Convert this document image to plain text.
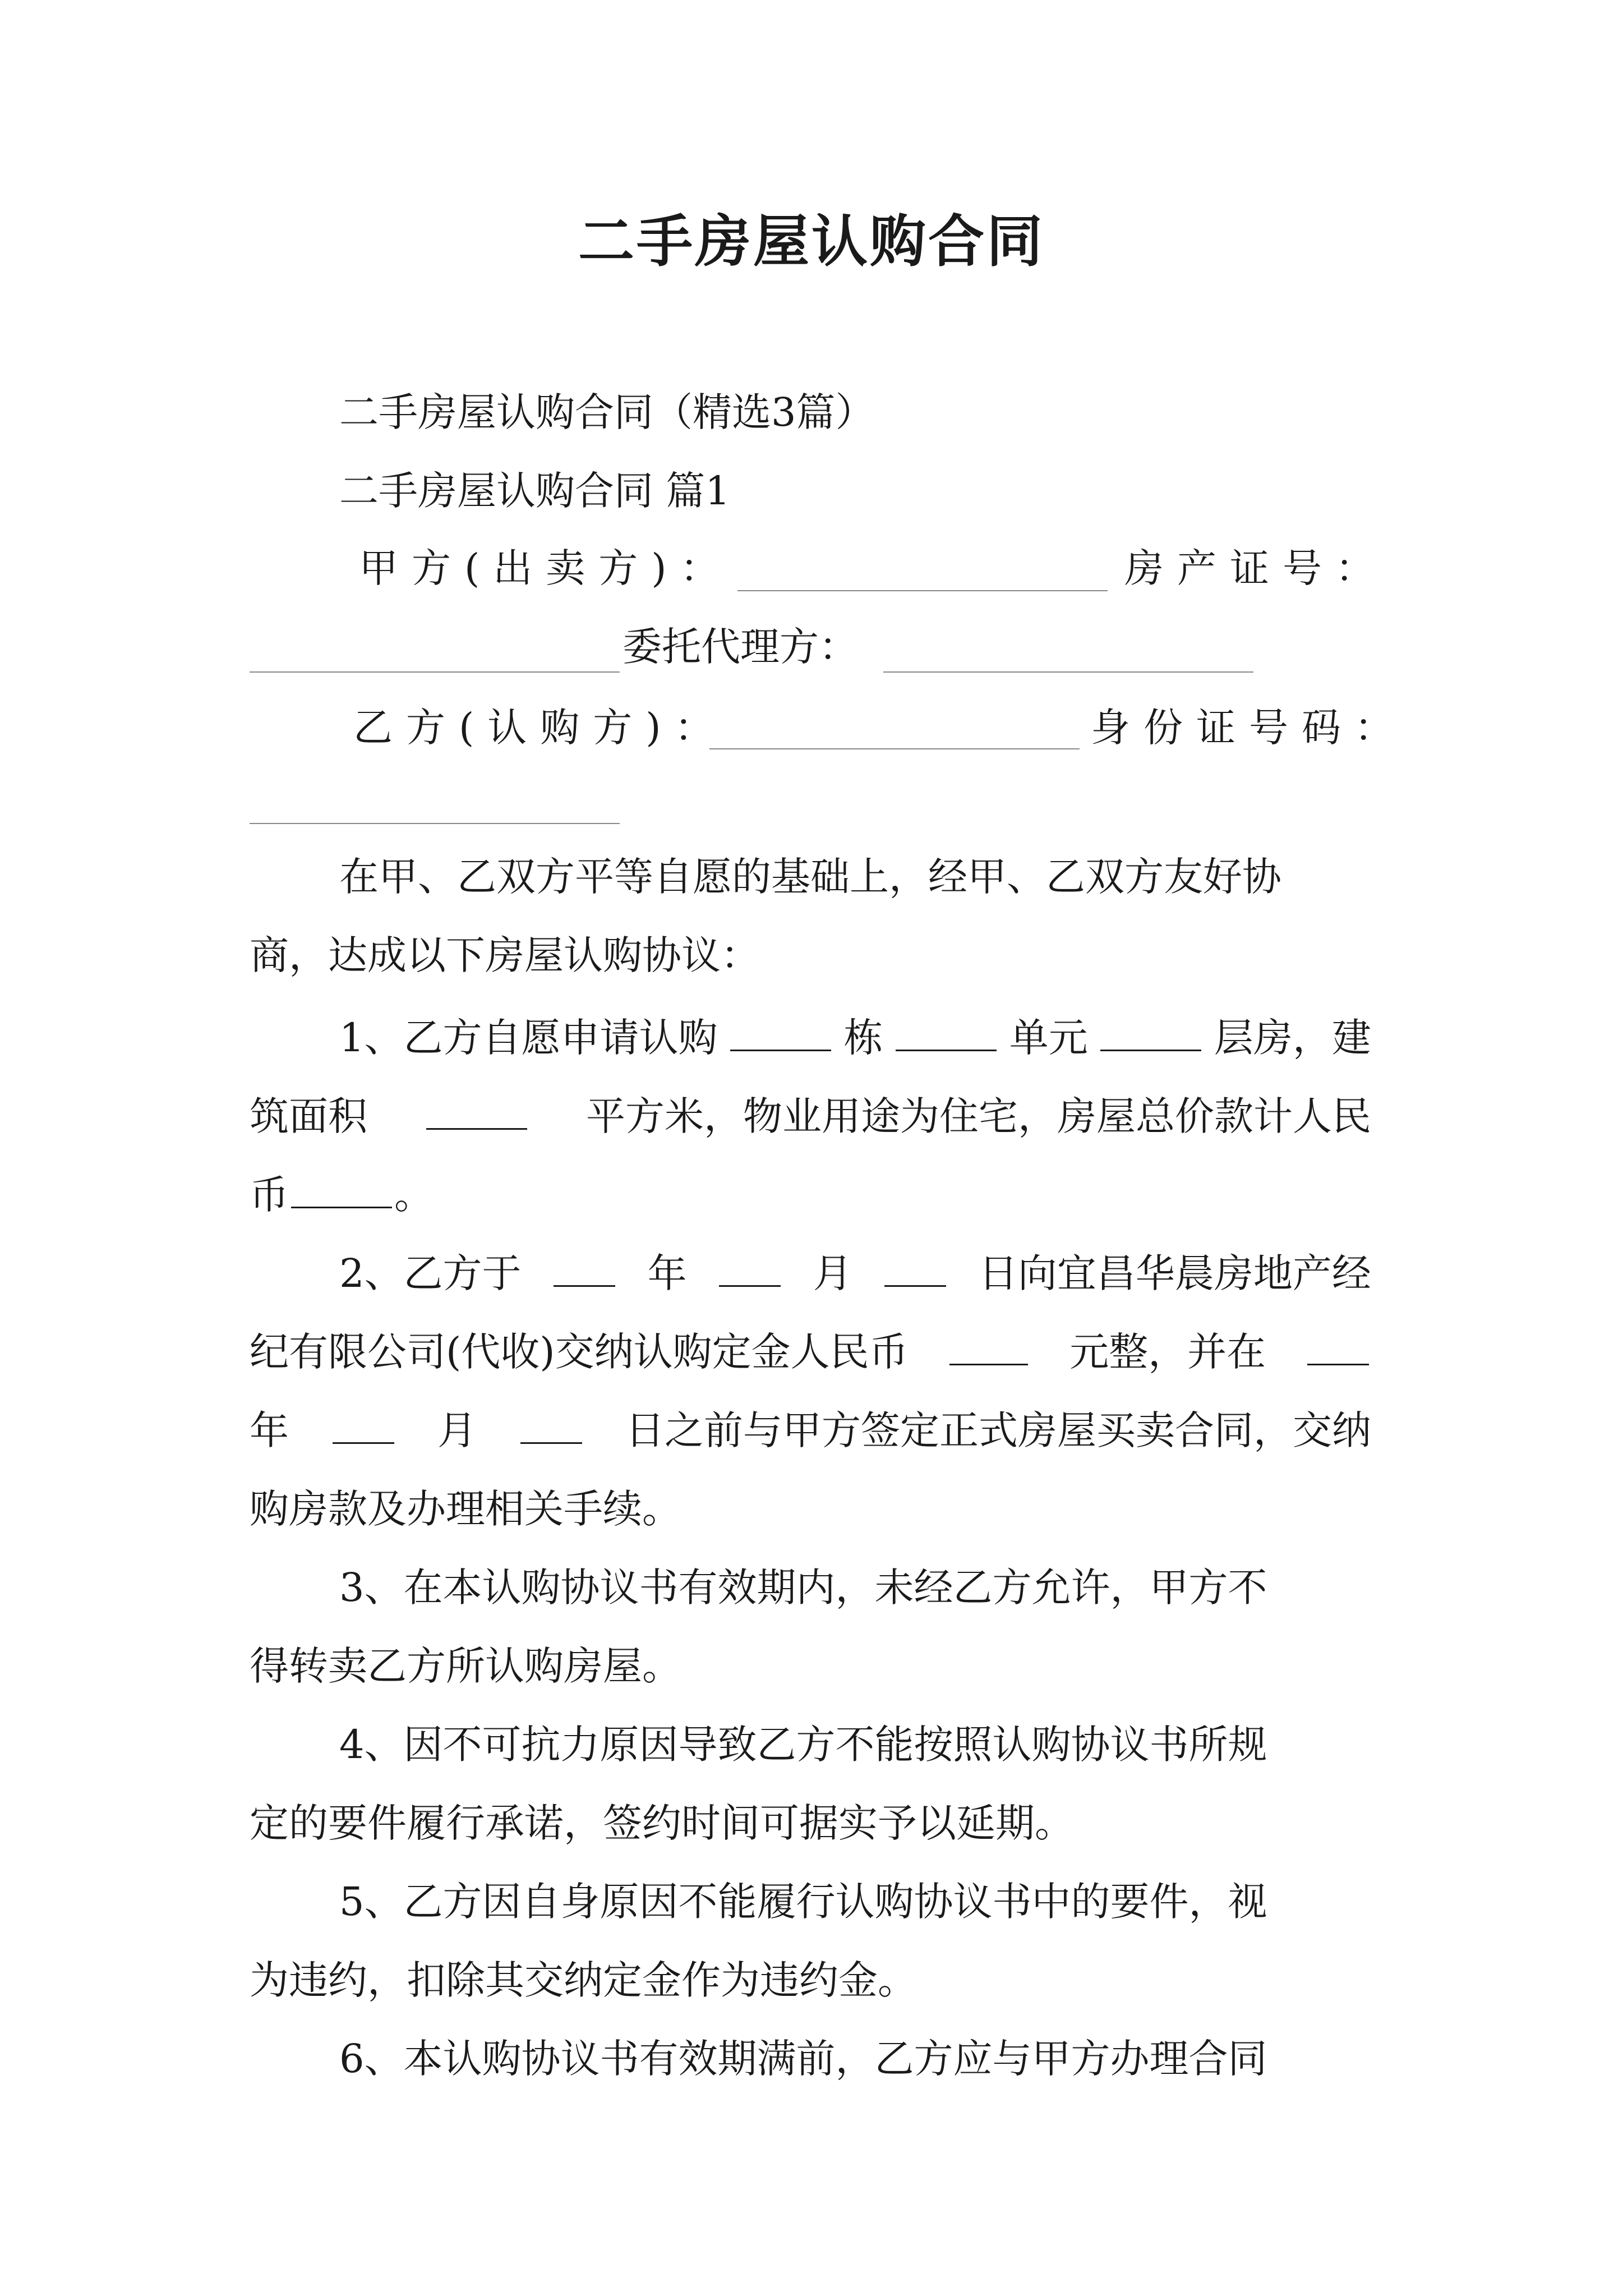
二手房屋认购合同
二手房屋认购合同（精选3篇）
二手房屋认购合同 篇1
甲方(出卖方)：	房产证号：
委托代理方：
乙方(认购方)：	身份证号码：
在甲、乙双方平等自愿的基础上，经甲、乙双方友好协
商，达成以下房屋认购协议：
1、乙方自愿申请认购	栋	单元	层房，建
筑面积	平方米，物业用途为住宅，房屋总价款计人民
币	。
2、乙方于	年	月	日向宜昌华晨房地产经
纪有限公司(代收)交纳认购定金人民币	元整，并在
年	月	日之前与甲方签定正式房屋买卖合同，交纳
购房款及办理相关手续。
3、在本认购协议书有效期内，未经乙方允许，甲方不
得转卖乙方所认购房屋。
4、因不可抗力原因导致乙方不能按照认购协议书所规
定的要件履行承诺，签约时间可据实予以延期。
5、乙方因自身原因不能履行认购协议书中的要件，视
为违约，扣除其交纳定金作为违约金。
6、本认购协议书有效期满前，乙方应与甲方办理合同
